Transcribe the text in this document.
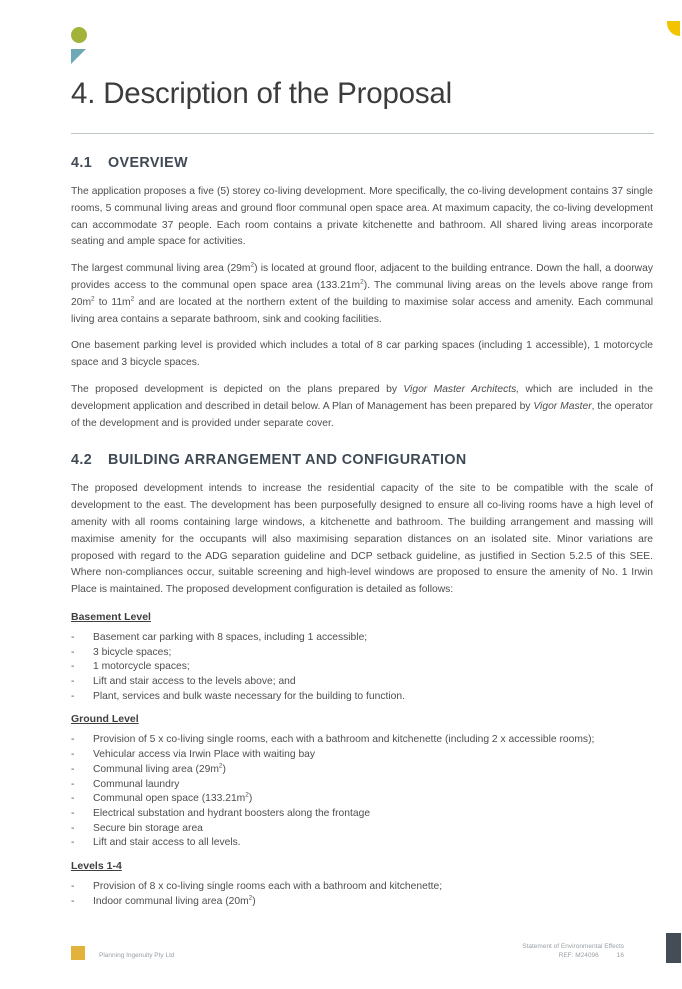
4. Description of the Proposal
4.1 OVERVIEW

The application proposes a five (5) storey co-living development. More specifically, the co-living development contains 37 single rooms, 5 communal living areas and ground floor communal open space area. At maximum capacity, the co-living development can accommodate 37 people. Each room contains a private kitchenette and bathroom. All shared living areas incorporate seating and ample space for activities.

The largest communal living area $(29m^2)$ is located at ground floor, adjacent to the building entrance. Down the hall, a doorway provides access to the communal open space area $(133.21m^2)$. The communal living areas on the levels above range from $20m^2$ to $11m^2$ and are located at the northern extent of the building to maximise solar access and amenity. Each communal living area contains a separate bathroom, sink and cooking facilities.

One basement parking level is provided which includes a total of 8 car parking spaces (including 1 accessible), 1 motorcycle space and 3 bicycle spaces.

The proposed development is depicted on the plans prepared by Vigor Master Architects, which are included in the development application and described in detail below. A Plan of Management has been prepared by Vigor Master, the operator of the development and is provided under separate cover.

4.2 BUILDING ARRANGEMENT AND CONFIGURATION

The proposed development intends to increase the residential capacity of the site to be compatible with the scale of development to the east. The development has been purposefully designed to ensure all co-living rooms have a high level of amenity with all rooms containing large windows, a kitchenette and bathroom. The building arrangement and massing will maximise amenity for the occupants will also maximising separation distances on an isolated site. Minor variations are proposed with regard to the ADG separation guideline and DCP setback guideline, as justified in Section 5.2.5 of this SEE. Where non-compliances occur, suitable screening and high-level windows are proposed to ensure the amenity of No. 1 Irwin Place is maintained. The proposed development configuration is detailed as follows:

Basement Level
- Basement car parking with 8 spaces, including 1 accessible;
- 3 bicycle spaces;
- 1 motorcycle spaces;
- Lift and stair access to the levels above; and
- Plant, services and bulk waste necessary for the building to function.
Ground Level
- Provision of 5 x co-living single rooms, each with a bathroom and kitchenette (including 2 x accessible rooms);
- Vehicular access via Irwin Place with waiting bay
- Communal living area $(29m^2)$
- Communal laundry
- Communal open space $(133.21m^2)$
- Electrical substation and hydrant boosters along the frontage
- Secure bin storage area
- Lift and stair access to all levels.
Levels 1-4
- Provision of 8 x co-living single rooms each with a bathroom and kitchenette;
- Indoor communal living area $(20m^2)$
Planning Ingenuity Pty Ltd
Statement of Environmental Effects
REF: M24096	16
